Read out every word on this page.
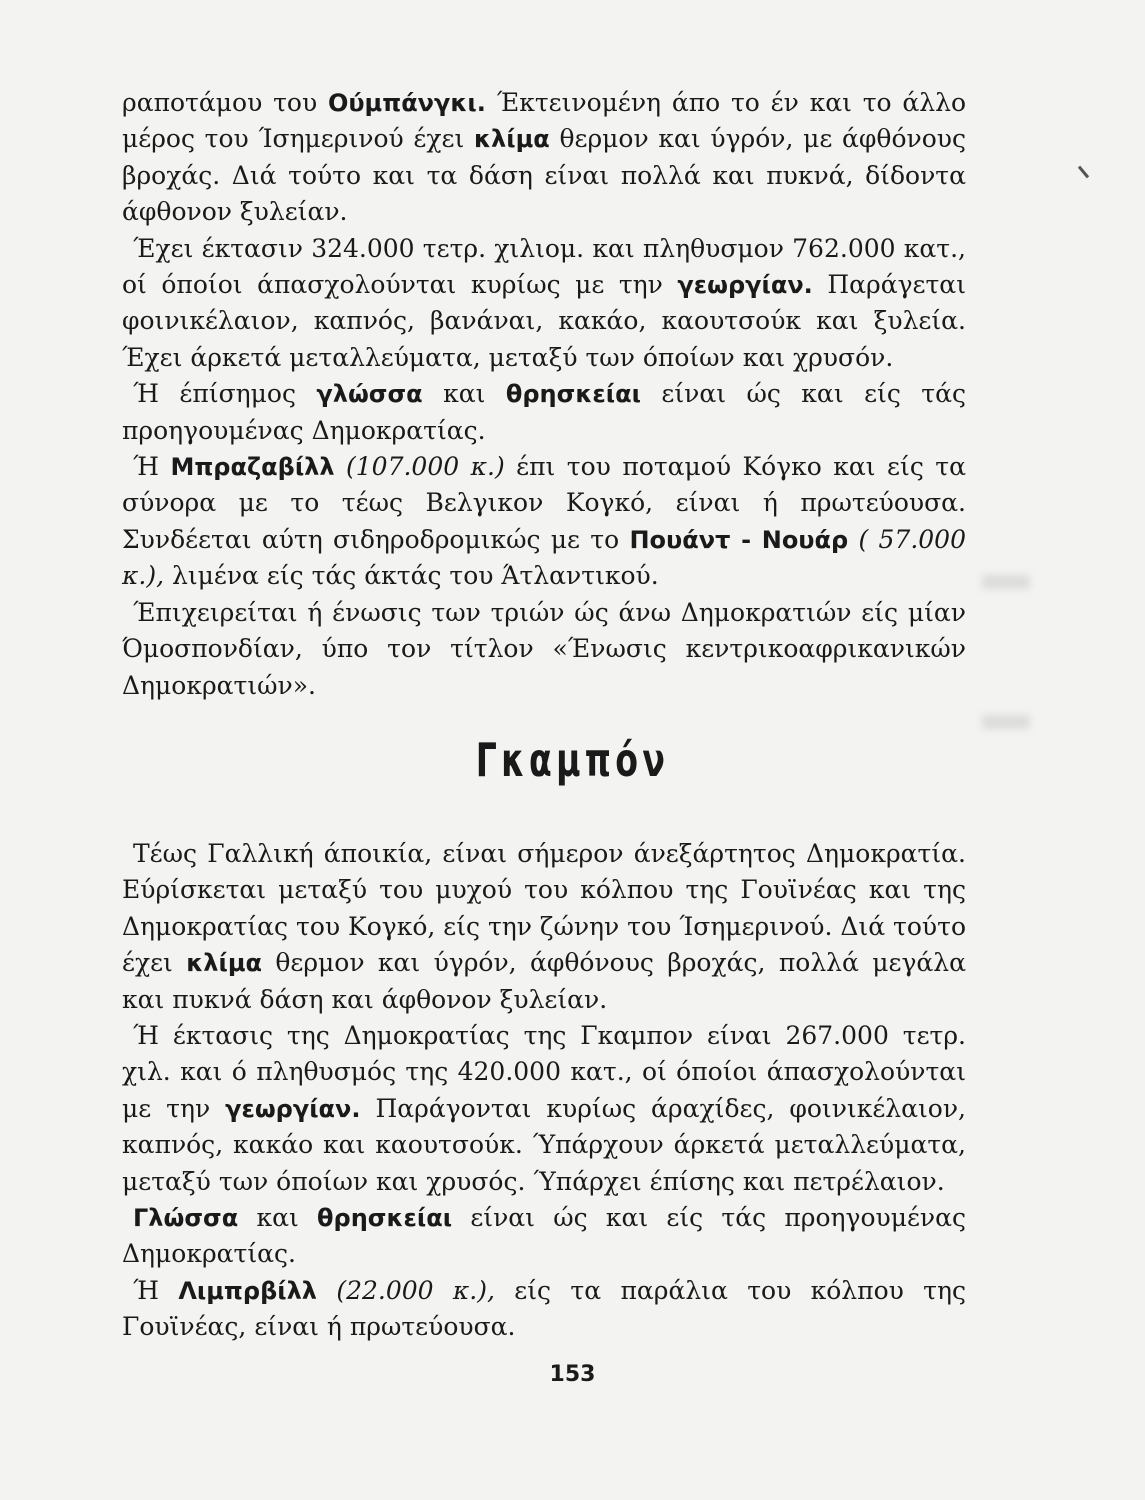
ραποτάμου του Ούμπάνγκι. Έκτεινομένη άπο το έν και το άλλο μέρος του Ίσημερινού έχει κλίμα θερμον και ύγρόν, με άφθόνους βροχάς. Διά τούτο και τα δάση είναι πολλά και πυκνά, δίδοντα άφθονον ξυλείαν.

Έχει έκτασιν 324.000 τετρ. χιλιομ. και πληθυσμον 762.000 κατ., οί όποίοι άπασχολούνται κυρίως με την γεωργίαν. Παράγεται φοινικέλαιον, καπνός, βανάναι, κακάο, καουτσούκ και ξυλεία. Έχει άρκετά μεταλλεύματα, μεταξύ των όποίων και χρυσόν.

Ή έπίσημος γλώσσα και θρησκείαι είναι ώς και είς τάς προηγουμένας Δημοκρατίας.

Ή Μπραζαβίλλ (107.000 κ.) έπι του ποταμού Κόγκο και είς τα σύνορα με το τέως Βελγικον Κογκό, είναι ή πρωτεύουσα. Συνδέεται αύτη σιδηροδρομικώς με το Πουάντ - Νουάρ ( 57.000 κ.), λιμένα είς τάς άκτάς του Άτλαντικού.

Έπιχειρείται ή ένωσις των τριών ώς άνω Δημοκρατιών είς μίαν Όμοσπονδίαν, ύπο τον τίτλον «Ένωσις κεντρικοαφρικανικών Δημοκρατιών».

Γκαμπόν

Τέως Γαλλική άποικία, είναι σήμερον άνεξάρτητος Δημοκρατία. Εύρίσκεται μεταξύ του μυχού του κόλπου της Γουϊνέας και της Δημοκρατίας του Κογκό, είς την ζώνην του Ίσημερινού. Διά τούτο έχει κλίμα θερμον και ύγρόν, άφθόνους βροχάς, πολλά μεγάλα και πυκνά δάση και άφθονον ξυλείαν.

Ή έκτασις της Δημοκρατίας της Γκαμπον είναι 267.000 τετρ. χιλ. και ό πληθυσμός της 420.000 κατ., οί όποίοι άπασχολούνται με την γεωργίαν. Παράγονται κυρίως άραχίδες, φοινικέλαιον, καπνός, κακάο και καουτσούκ. Ύπάρχουν άρκετά μεταλλεύματα, μεταξύ των όποίων και χρυσός. Ύπάρχει έπίσης και πετρέλαιον.

Γλώσσα και θρησκείαι είναι ώς και είς τάς προηγουμένας Δημοκρατίας.

Ή Λιμπρβίλλ (22.000 κ.), είς τα παράλια του κόλπου της Γουϊνέας, είναι ή πρωτεύουσα.

153
